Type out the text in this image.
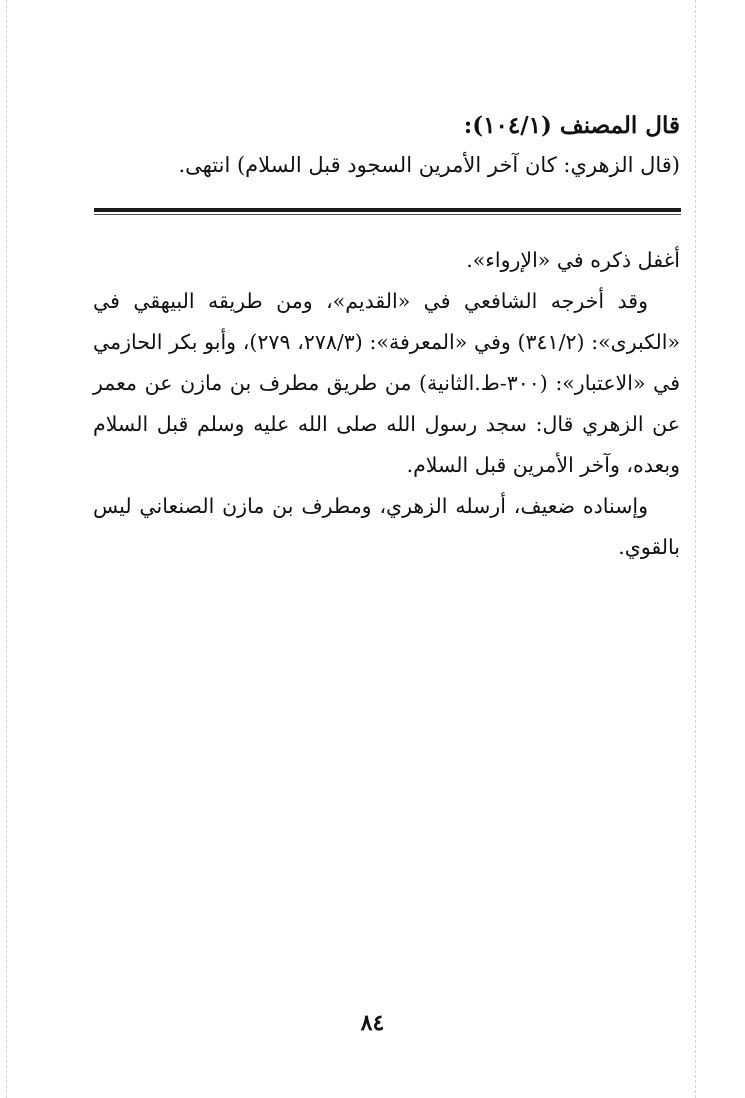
قال المصنف (١٠٤/١):
(قال الزهري: كان آخر الأمرين السجود قبل السلام) انتهى.

أغفل ذكره في «الإرواء».

وقد أخرجه الشافعي في «القديم»، ومن طريقه البيهقي في «الكبرى»: (٣٤١/٢) وفي «المعرفة»: (٢٧٨/٣، ٢٧٩)، وأبو بكر الحازمي في «الاعتبار»: (٣٠٠-ط.الثانية) من طريق مطرف بن مازن عن معمر عن الزهري قال: سجد رسول الله صلى الله عليه وسلم قبل السلام وبعده، وآخر الأمرين قبل السلام.

وإسناده ضعيف، أرسله الزهري، ومطرف بن مازن الصنعاني ليس بالقوي.

٨٤
